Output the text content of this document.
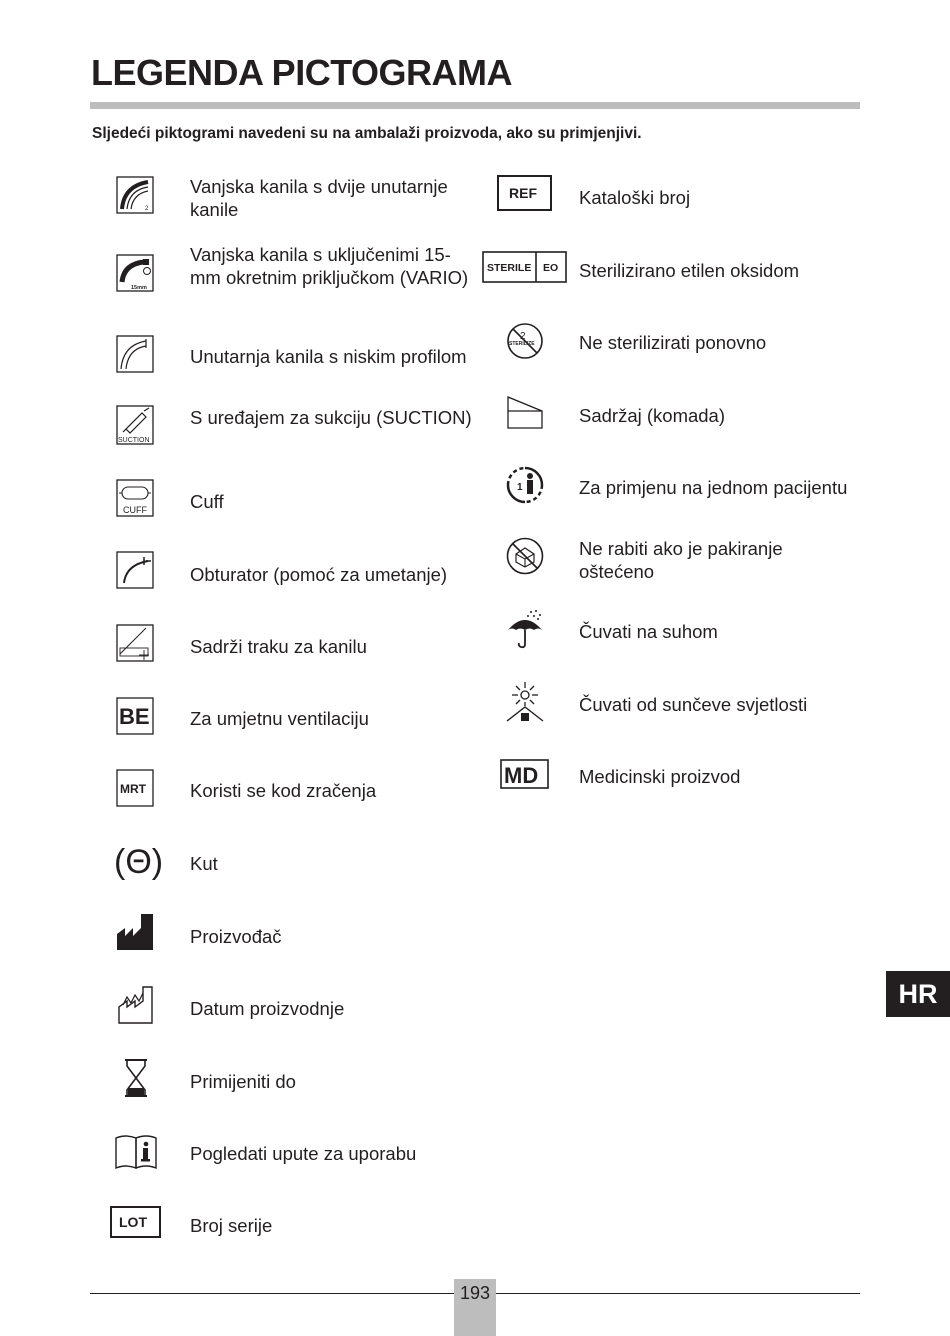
LEGENDA PICTOGRAMA

Sljedeći piktogrami navedeni su na ambalaži proizvoda, ako su primjenjivi.

2
Vanjska kanila s dvije unutarnje kanile
15mm
Vanjska kanila s uključenimi 15-mm okretnim priključkom (VARIO)
Unutarnja kanila s niskim profilom
SUCTION
S uređajem za sukciju (SUCTION)
CUFF Cuff
Obturator (pomoć za umetanje)
Sadrži traku za kanilu
BE Za umjetnu ventilaciju
MRT Koristi se kod zračenja
(Θ) Kut
Proizvođač
Datum proizvodnje
Primijeniti do
Pogledati upute za uporabu
LOT Broj serije
REF Kataloški broj
STERILE EO Sterilizirano etilen oksidom
2
STERILIZE Ne sterilizirati ponovno
Sadržaj (komada)
1	Za primjenu na jednom pacijentu
Ne rabiti ako je pakiranje oštećeno
Čuvati na suhom
Čuvati od sunčeve svjetlosti
MD Medicinski proizvod
HR
193
